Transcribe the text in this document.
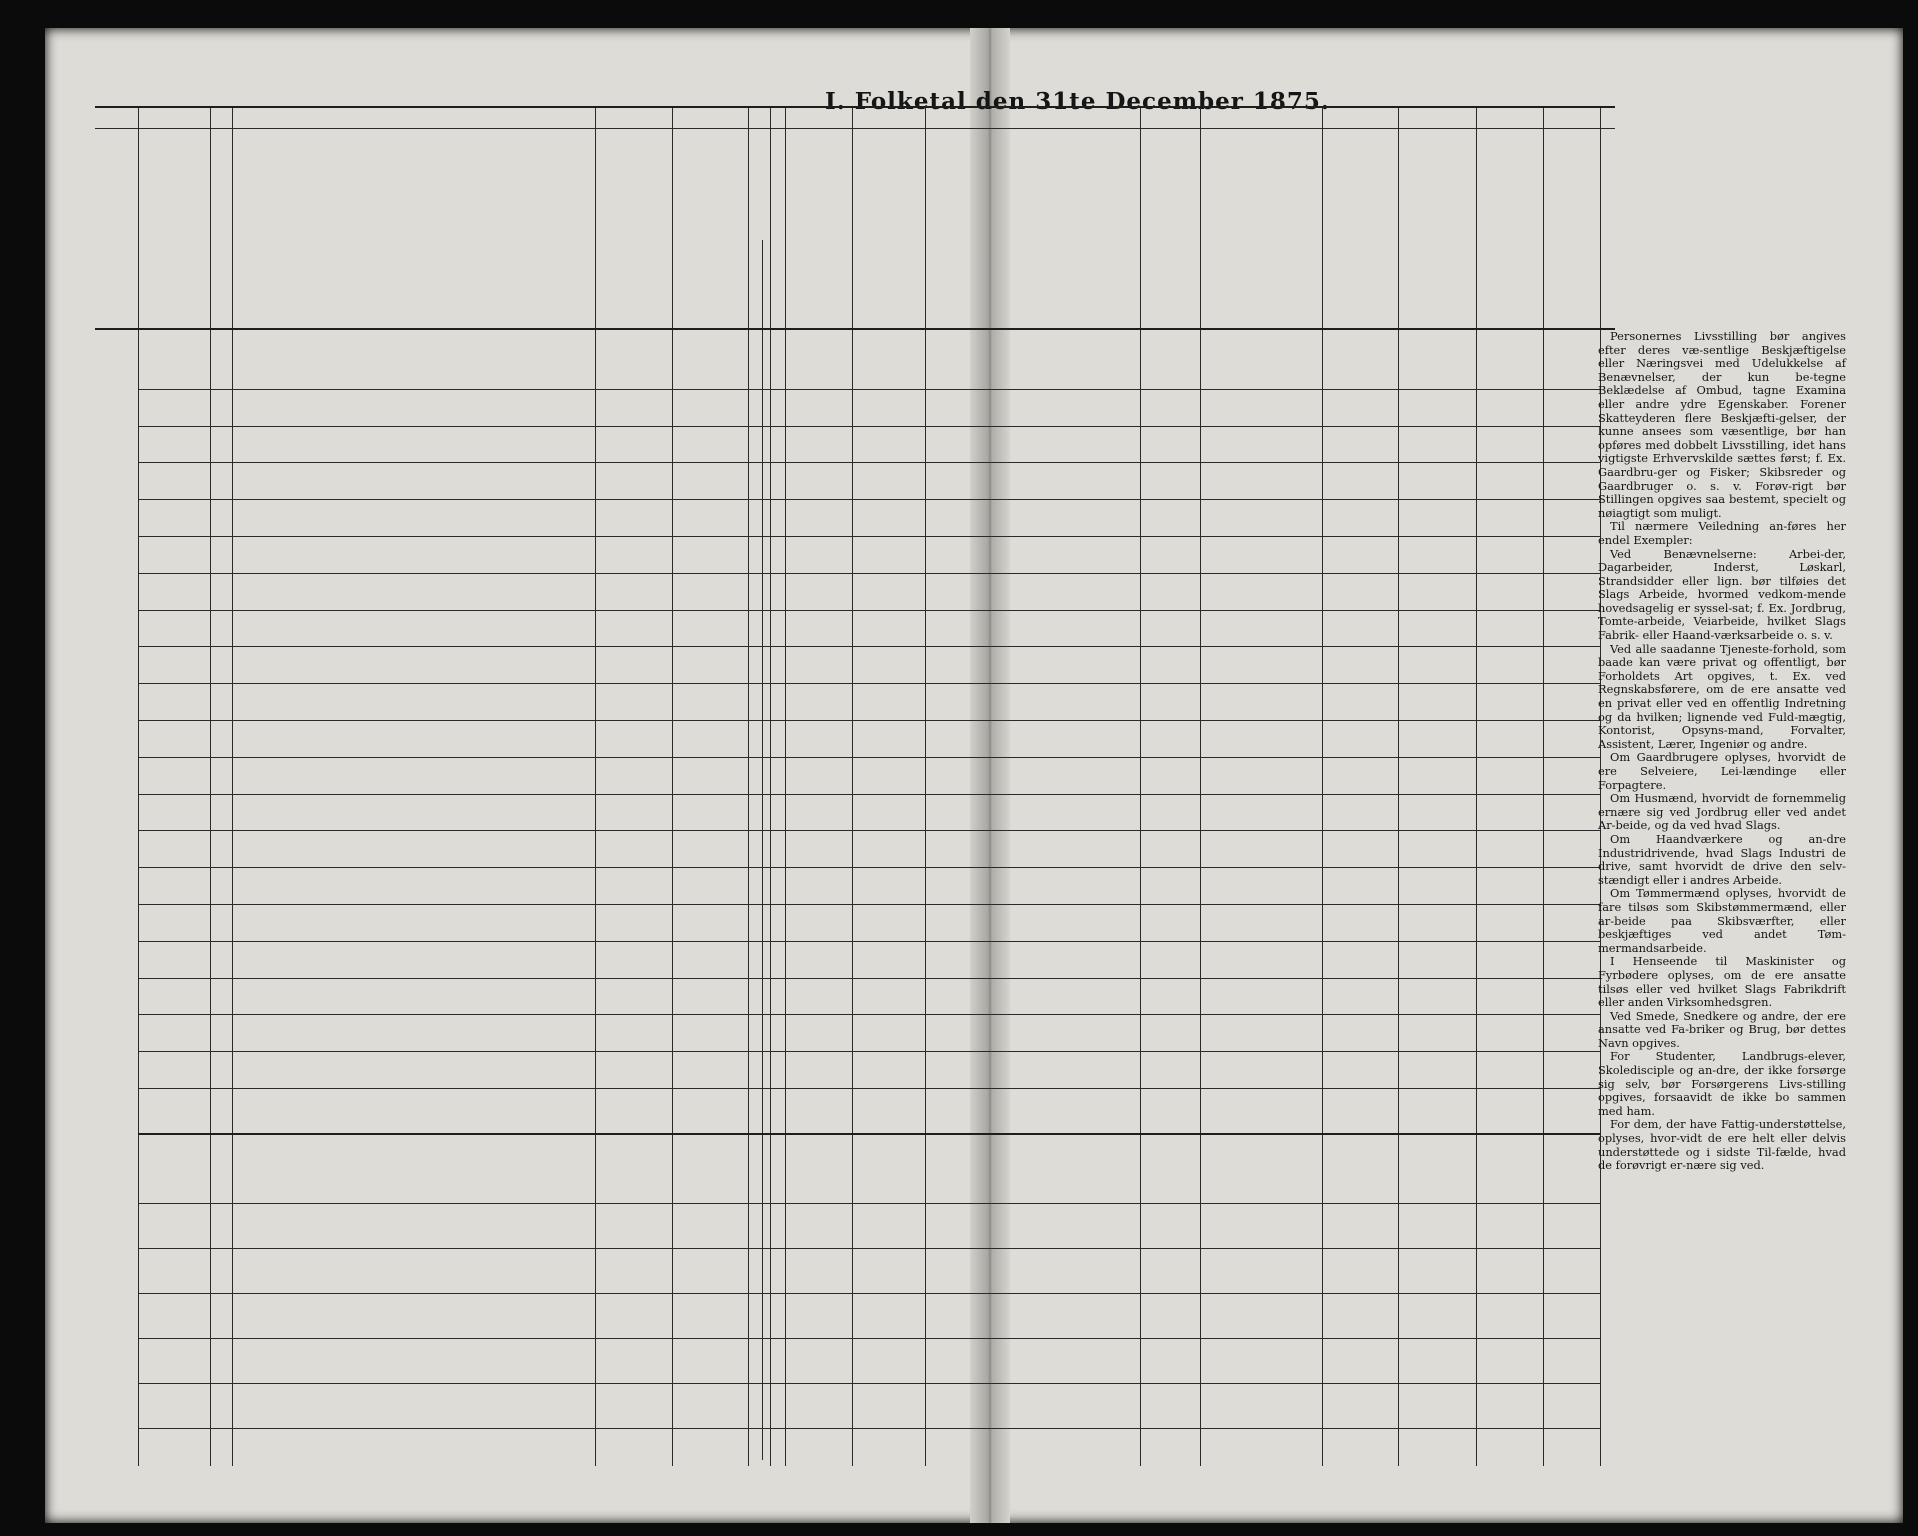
I. Folketal den 31te December 1875.

Personernes Livsstilling bør angives efter deres væ-sentlige Beskjæftigelse eller Næringsvei med Udelukkelse af Benævnelser, der kun be-tegne Beklædelse af Ombud, tagne Examina eller andre ydre Egenskaber. Forener Skatteyderen flere Beskjæfti-gelser, der kunne ansees som væsentlige, bør han opføres med dobbelt Livsstilling, idet hans vigtigste Erhvervskilde sættes først; f. Ex. Gaardbru-ger og Fisker; Skibsreder og Gaardbruger o. s. v. Forøv-rigt bør Stillingen opgives saa bestemt, specielt og nøiagtigt som muligt.

Til nærmere Veiledning an-føres her endel Exempler:

Ved Benævnelserne: Arbei-der, Dagarbeider, Inderst, Løskarl, Strandsidder eller lign. bør tilføies det Slags Arbeide, hvormed vedkom-mende hovedsagelig er syssel-sat; f. Ex. Jordbrug, Tomte-arbeide, Veiarbeide, hvilket Slags Fabrik- eller Haand-værksarbeide o. s. v.

Ved alle saadanne Tjeneste-forhold, som baade kan være privat og offentligt, bør Forholdets Art opgives, t. Ex. ved Regnskabsførere, om de ere ansatte ved en privat eller ved en offentlig Indretning og da hvilken; lignende ved Fuld-mægtig, Kontorist, Opsyns-mand, Forvalter, Assistent, Lærer, Ingeniør og andre.

Om Gaardbrugere oplyses, hvorvidt de ere Selveiere, Lei-lændinge eller Forpagtere.

Om Husmænd, hvorvidt de fornemmelig ernære sig ved Jordbrug eller ved andet Ar-beide, og da ved hvad Slags.

Om Haandværkere og an-dre Industridrivende, hvad Slags Industri de drive, samt hvorvidt de drive den selv-stændigt eller i andres Arbeide.

Om Tømmermænd oplyses, hvorvidt de fare tilsøs som Skibstømmermænd, eller ar-beide paa Skibsværfter, eller beskjæftiges ved andet Tøm-mermandsarbeide.

I Henseende til Maskinister og Fyrbødere oplyses, om de ere ansatte tilsøs eller ved hvilket Slags Fabrikdrift eller anden Virksomhedsgren.

Ved Smede, Snedkere og andre, der ere ansatte ved Fa-briker og Brug, bør dettes Navn opgives.

For Studenter, Landbrugs-elever, Skoledisciple og an-dre, der ikke forsørge sig selv, bør Forsørgerens Livs-stilling opgives, forsaavidt de ikke bo sammen med ham.

For dem, der have Fattig-understøttelse, oplyses, hvor-vidt de ere helt eller delvis understøttede og i sidste Til-fælde, hvad de forøvrigt er-nære sig ved.
